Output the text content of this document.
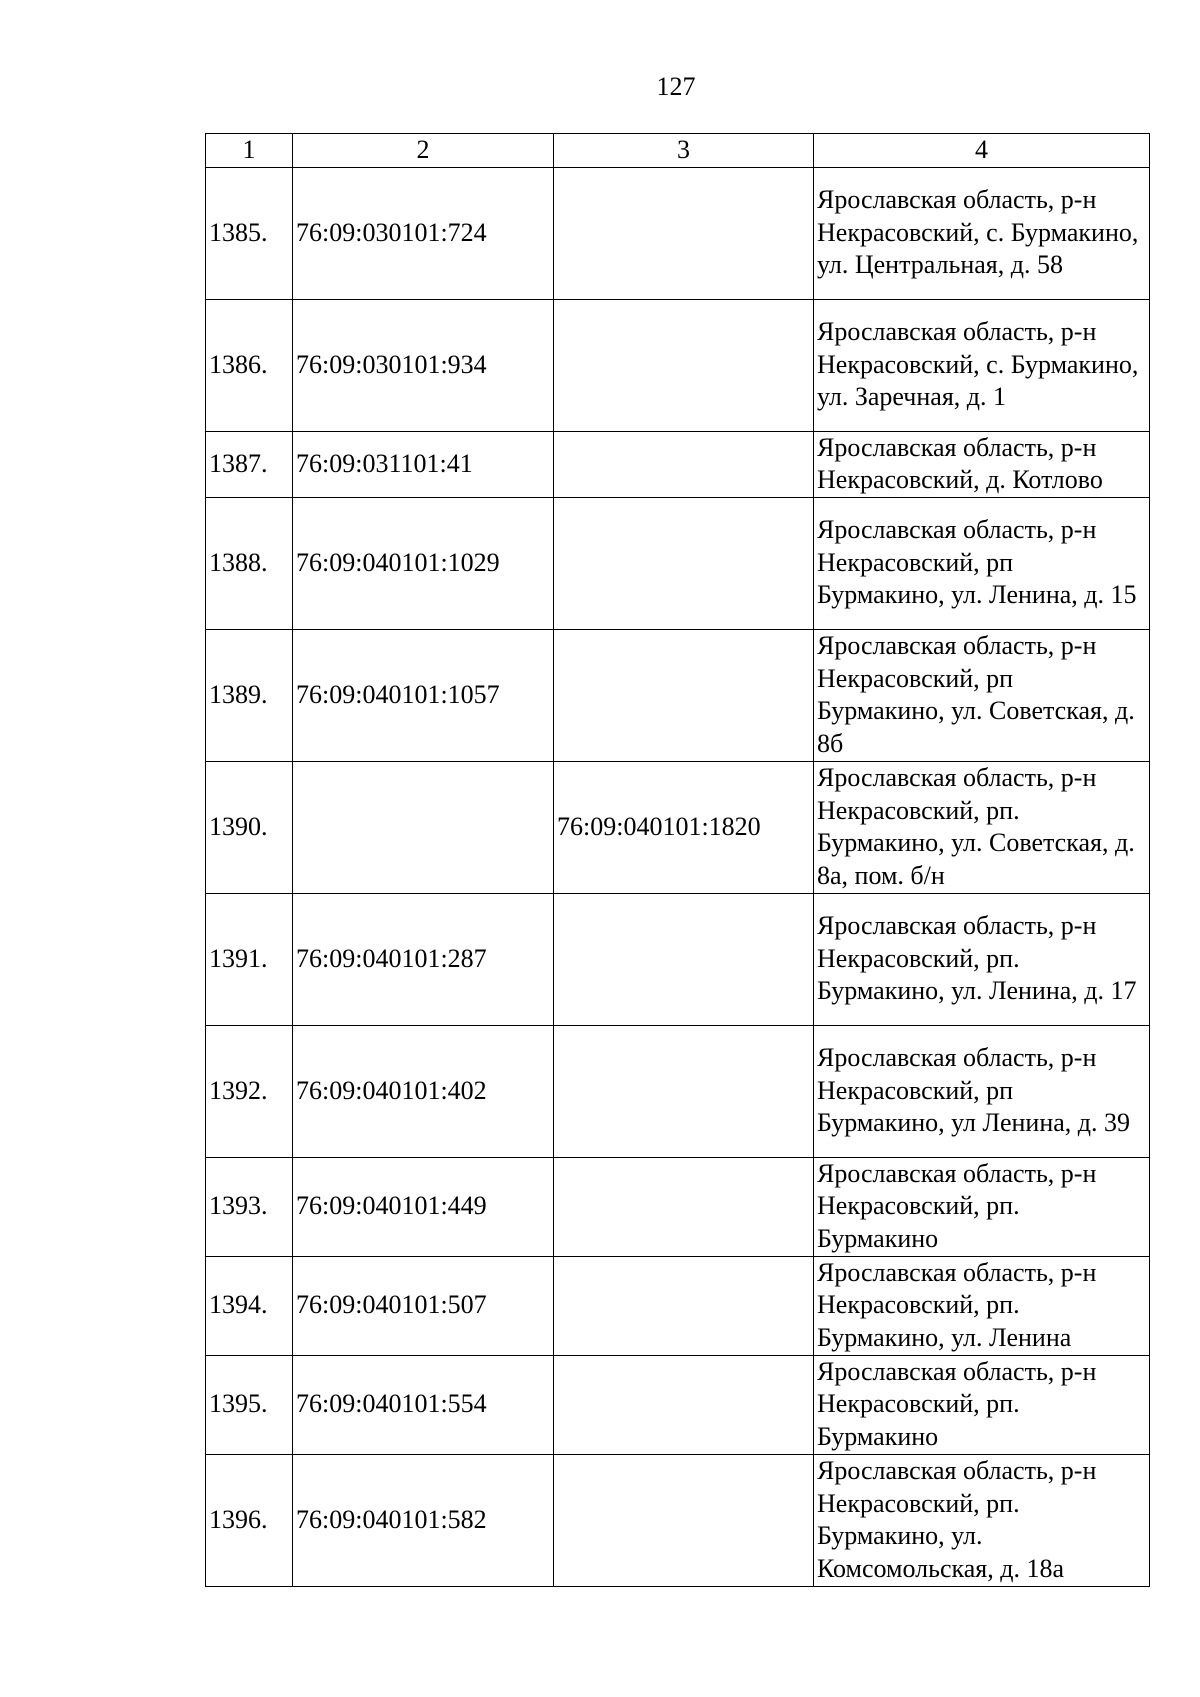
127
1	2	3	4
1385.	76:09:030101:724		Ярославская область, р-н Некрасовский, с. Бурмакино, ул. Центральная, д. 58
1386.	76:09:030101:934		Ярославская область, р-н Некрасовский, с. Бурмакино, ул. Заречная, д. 1
1387.	76:09:031101:41		Ярославская область, р-н Некрасовский, д. Котлово
1388.	76:09:040101:1029		Ярославская область, р-н Некрасовский, рп Бурмакино, ул. Ленина, д. 15
1389.	76:09:040101:1057		Ярославская область, р-н Некрасовский, рп Бурмакино, ул. Советская, д. 8б
1390.		76:09:040101:1820	Ярославская область, р-н Некрасовский, рп. Бурмакино, ул. Советская, д. 8а, пом. б/н
1391.	76:09:040101:287		Ярославская область, р-н Некрасовский, рп. Бурмакино, ул. Ленина, д. 17
1392.	76:09:040101:402		Ярославская область, р-н Некрасовский, рп Бурмакино, ул Ленина, д. 39
1393.	76:09:040101:449		Ярославская область, р-н Некрасовский, рп. Бурмакино
1394.	76:09:040101:507		Ярославская область, р-н Некрасовский, рп. Бурмакино, ул. Ленина
1395.	76:09:040101:554		Ярославская область, р-н Некрасовский, рп. Бурмакино
1396.	76:09:040101:582		Ярославская область, р-н Некрасовский, рп. Бурмакино, ул. Комсомольская, д. 18а
